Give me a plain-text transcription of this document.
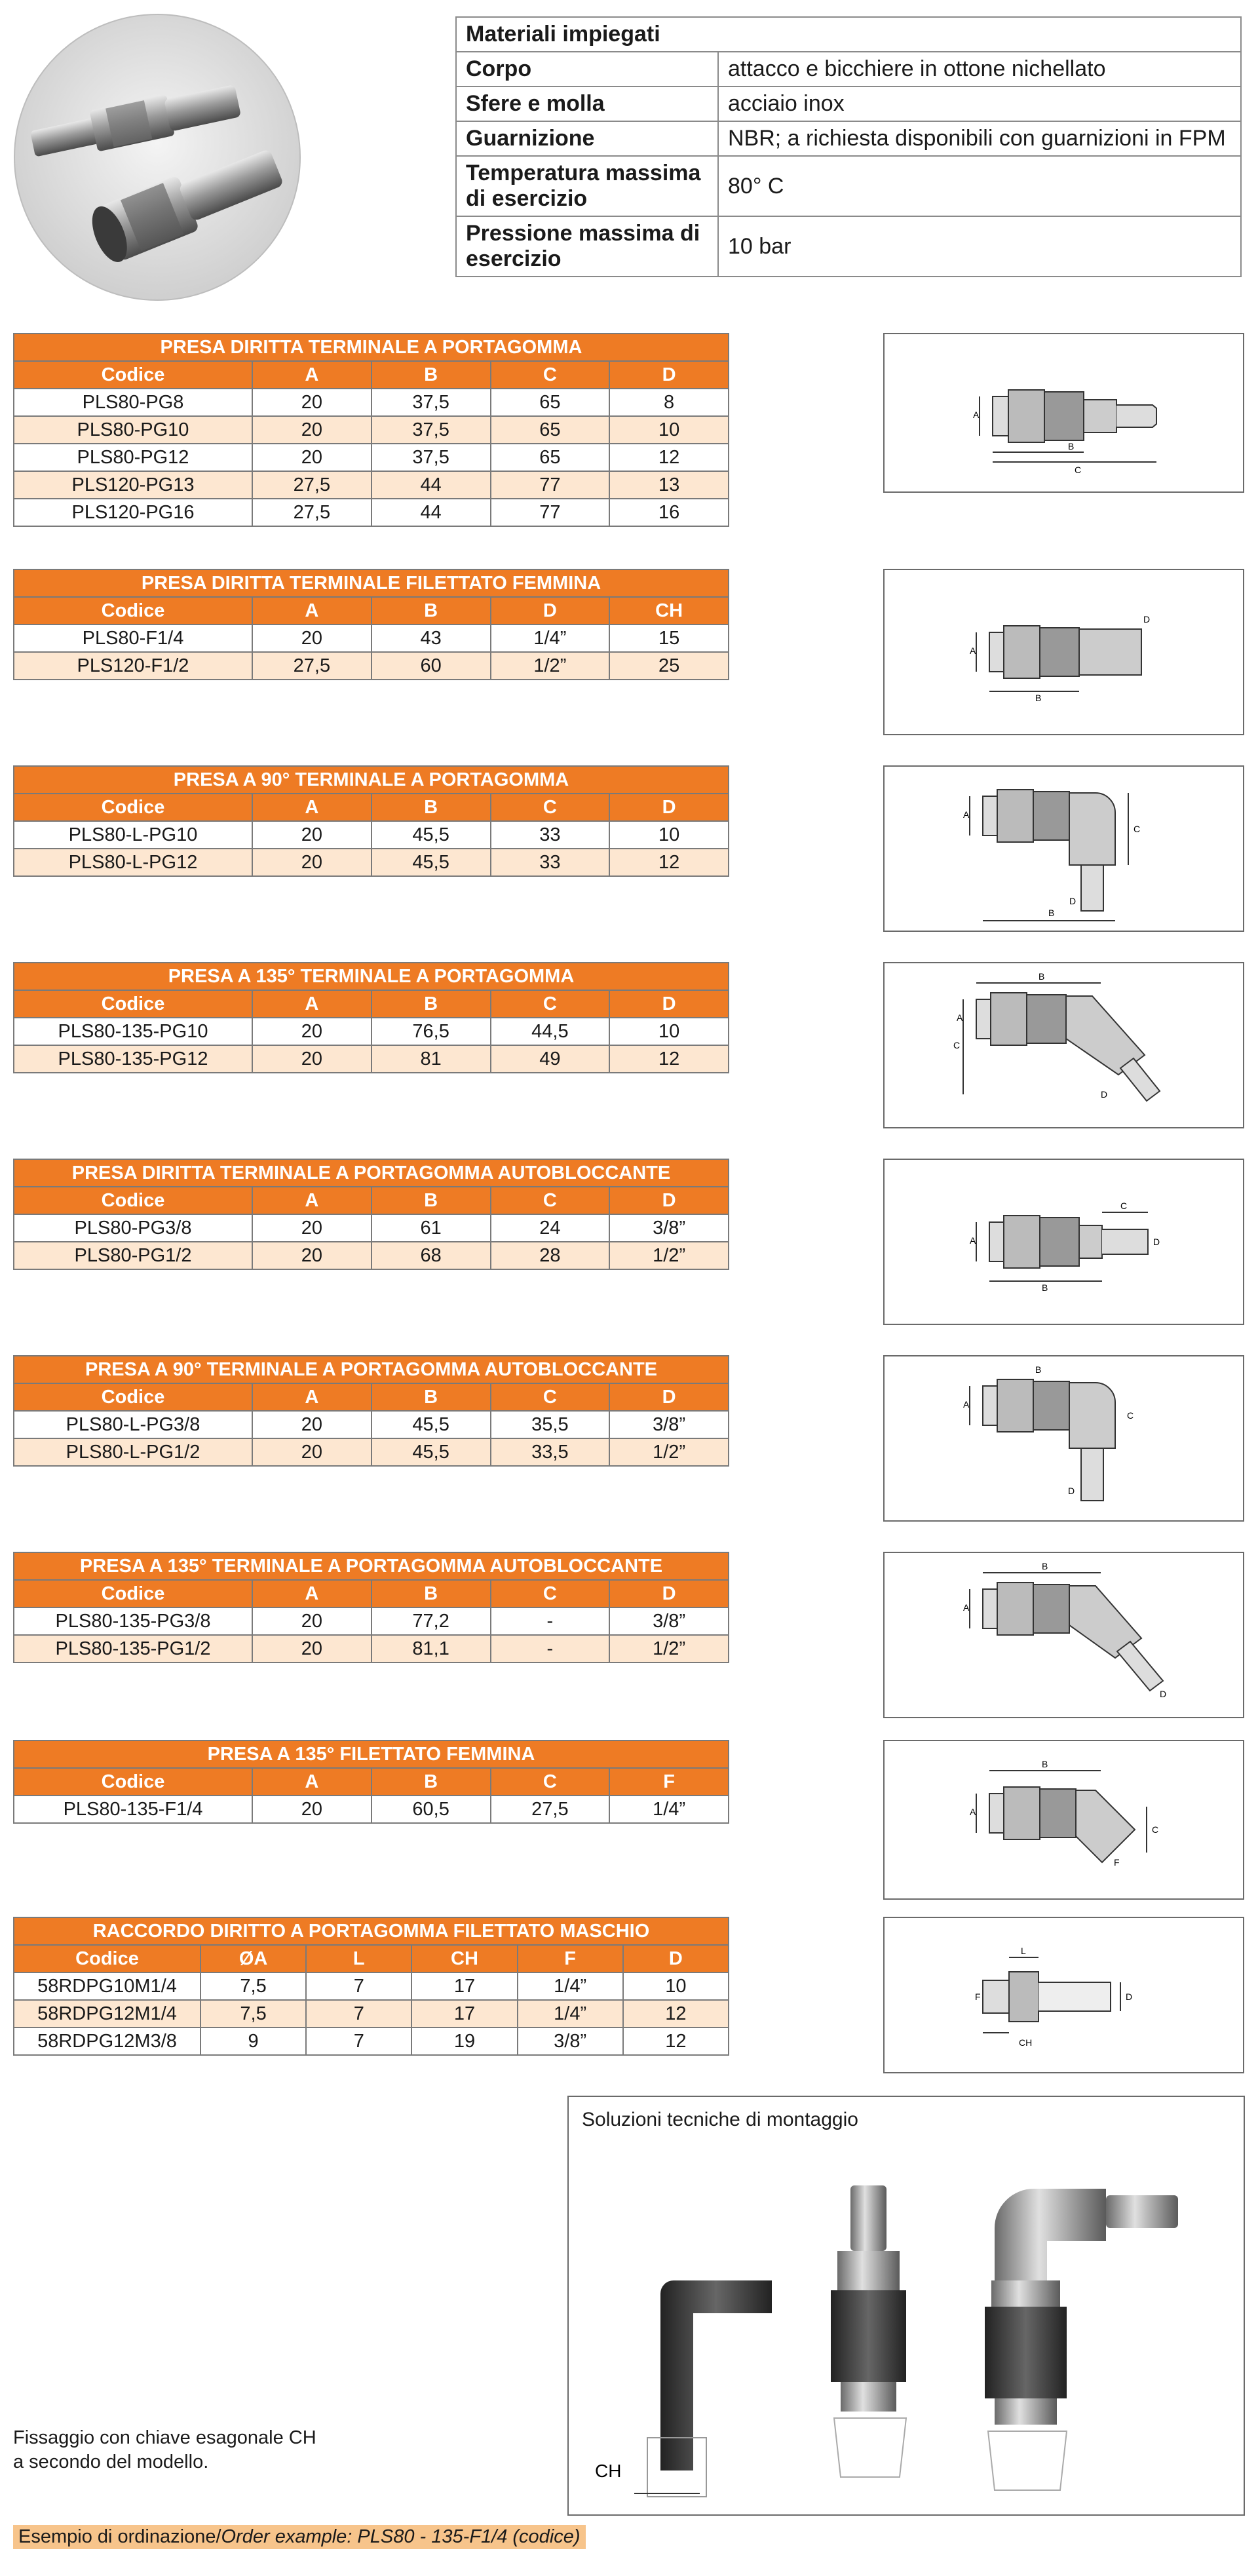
Materiali impiegati	
Corpo	attacco e bicchiere in ottone nichellato
Sfere e molla	acciaio inox
Guarnizione	NBR; a richiesta disponibili con guarnizioni in FPM
Temperatura massima di esercizio	80° C
Pressione massima di esercizio	10 bar
PRESA DIRITTA TERMINALE A PORTAGOMMA				
Codice	A	B	C	D
PLS80-PG8	20	37,5	65	8
PLS80-PG10	20	37,5	65	10
PLS80-PG12	20	37,5	65	12
PLS120-PG13	27,5	44	77	13
PLS120-PG16	27,5	44	77	16
PRESA DIRITTA TERMINALE FILETTATO FEMMINA				
Codice	A	B	D	CH
PLS80-F1/4	20	43	1/4”	15
PLS120-F1/2	27,5	60	1/2”	25
PRESA A 90° TERMINALE A PORTAGOMMA				
Codice	A	B	C	D
PLS80-L-PG10	20	45,5	33	10
PLS80-L-PG12	20	45,5	33	12
PRESA A 135° TERMINALE A PORTAGOMMA				
Codice	A	B	C	D
PLS80-135-PG10	20	76,5	44,5	10
PLS80-135-PG12	20	81	49	12
PRESA DIRITTA TERMINALE A PORTAGOMMA AUTOBLOCCANTE				
Codice	A	B	C	D
PLS80-PG3/8	20	61	24	3/8”
PLS80-PG1/2	20	68	28	1/2”
PRESA A 90° TERMINALE A PORTAGOMMA AUTOBLOCCANTE				
Codice	A	B	C	D
PLS80-L-PG3/8	20	45,5	35,5	3/8”
PLS80-L-PG1/2	20	45,5	33,5	1/2”
PRESA A 135° TERMINALE A PORTAGOMMA AUTOBLOCCANTE				
Codice	A	B	C	D
PLS80-135-PG3/8	20	77,2	-	3/8”
PLS80-135-PG1/2	20	81,1	-	1/2”
PRESA A 135° FILETTATO FEMMINA				
Codice	A	B	C	F
PLS80-135-F1/4	20	60,5	27,5	1/4”
RACCORDO DIRITTO A PORTAGOMMA FILETTATO MASCHIO					
Codice	ØA	L	CH	F	D
58RDPG10M1/4	7,5	7	17	1/4”	10
58RDPG12M1/4	7,5	7	17	1/4”	12
58RDPG12M3/8	9	7	19	3/8”	12
A
B
C
A
B
D
A
B
C
D
A
B
C
D
A
B
C
D
A
B
C
D
A
B
D
A
B
C
F
F
L
CH
D
Soluzioni tecniche di montaggio
CH
Fissaggio con chiave esagonale CH
a secondo del modello.
Esempio di ordinazione/Order example: PLS80 - 135-F1/4 (codice)
